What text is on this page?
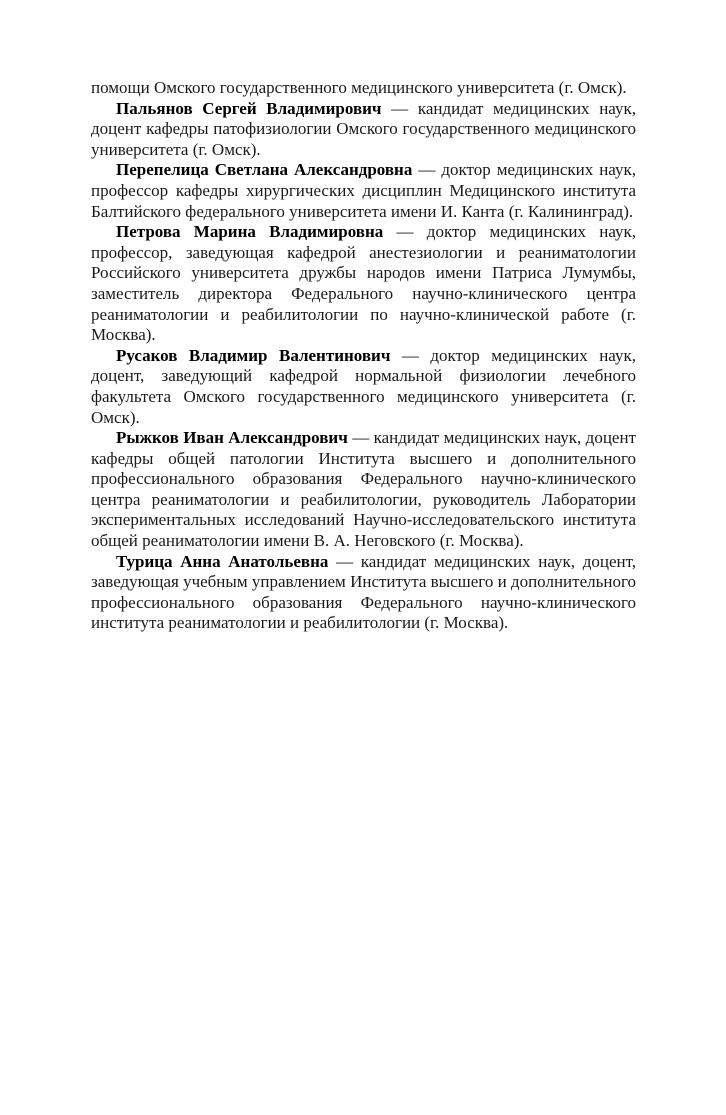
помощи Омского государственного медицинского университета (г. Омск).

Пальянов Сергей Владимирович — кандидат медицинских наук, доцент кафедры патофизиологии Омского государственного медицинского университета (г. Омск).

Перепелица Светлана Александровна — доктор медицинских наук, профессор кафедры хирургических дисциплин Медицинского института Балтийского федерального университета имени И. Канта (г. Калининград).

Петрова Марина Владимировна — доктор медицинских наук, профессор, заведующая кафедрой анестезиологии и реаниматологии Российского университета дружбы народов имени Патриса Лумумбы, заместитель директора Федерального научно-клинического центра реаниматологии и реабилитологии по научно-клинической работе (г. Москва).

Русаков Владимир Валентинович — доктор медицинских наук, доцент, заведующий кафедрой нормальной физиологии лечебного факультета Омского государственного медицинского университета (г. Омск).

Рыжков Иван Александрович — кандидат медицинских наук, доцент кафедры общей патологии Института высшего и дополнительного профессионального образования Федерального научно-клинического центра реаниматологии и реабилитологии, руководитель Лаборатории экспериментальных исследований Научно-исследовательского института общей реаниматологии имени В. А. Неговского (г. Москва).

Турица Анна Анатольевна — кандидат медицинских наук, доцент, заведующая учебным управлением Института высшего и дополнительного профессионального образования Федерального научно-клинического института реаниматологии и реабилитологии (г. Москва).
